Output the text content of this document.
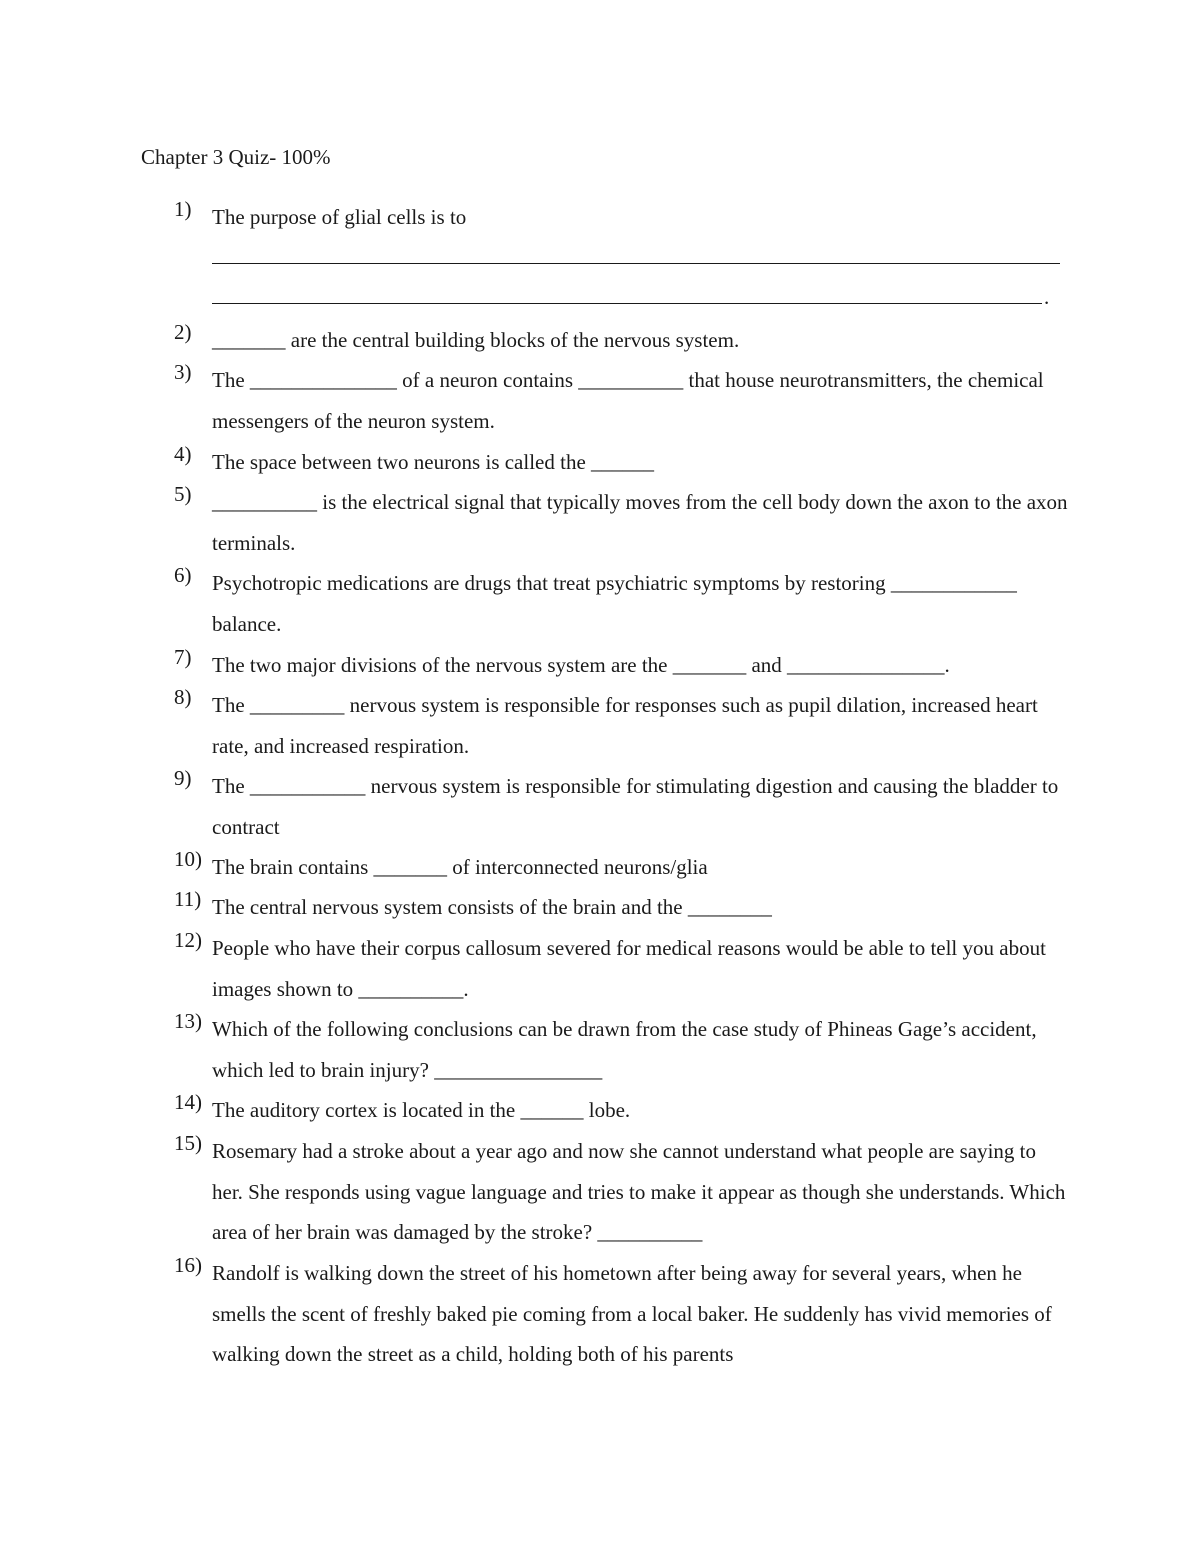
Chapter 3 Quiz- 100%
1) The purpose of glial cells is to
.
2) _______ are the central building blocks of the nervous system.
3) The ______________ of a neuron contains __________ that house neurotransmitters, the chemical messengers of the neuron system.
4) The space between two neurons is called the ______
5) __________ is the electrical signal that typically moves from the cell body down the axon to the axon terminals.
6) Psychotropic medications are drugs that treat psychiatric symptoms by restoring ____________ balance.
7) The two major divisions of the nervous system are the _______ and _______________.
8) The _________ nervous system is responsible for responses such as pupil dilation, increased heart rate, and increased respiration.
9) The ___________ nervous system is responsible for stimulating digestion and causing the bladder to contract
10) The brain contains _______ of interconnected neurons/glia
11) The central nervous system consists of the brain and the ________
12) People who have their corpus callosum severed for medical reasons would be able to tell you about images shown to __________.
13) Which of the following conclusions can be drawn from the case study of Phineas Gage’s accident, which led to brain injury? ________________
14) The auditory cortex is located in the ______ lobe.
15) Rosemary had a stroke about a year ago and now she cannot understand what people are saying to her. She responds using vague language and tries to make it appear as though she understands. Which area of her brain was damaged by the stroke? __________
16) Randolf is walking down the street of his hometown after being away for several years, when he smells the scent of freshly baked pie coming from a local baker. He suddenly has vivid memories of walking down the street as a child, holding both of his parents
